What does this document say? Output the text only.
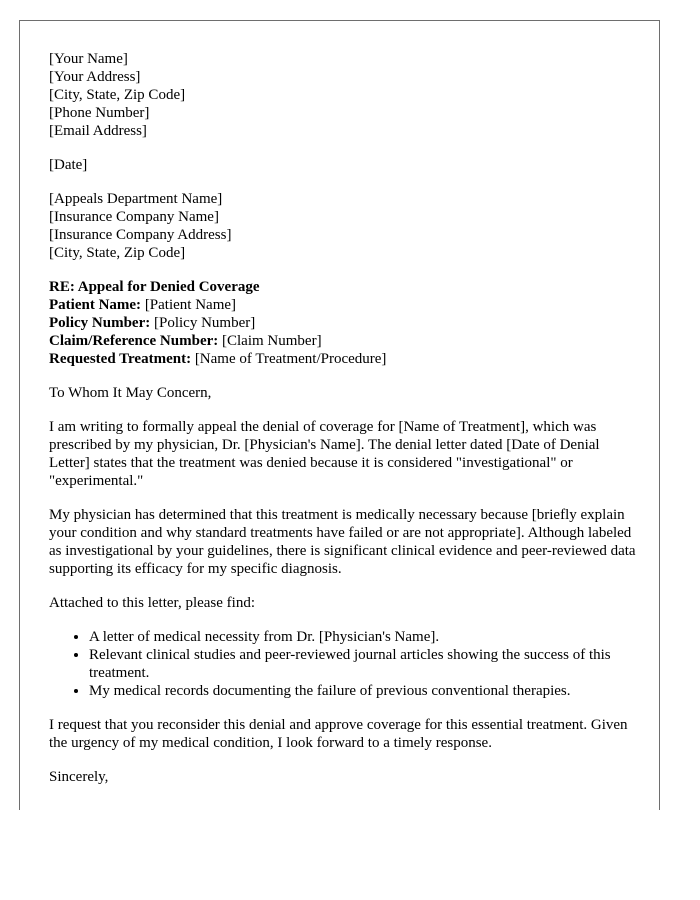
[Your Name]
[Your Address]
[City, State, Zip Code]
[Phone Number]
[Email Address]
[Date]
[Appeals Department Name]
[Insurance Company Name]
[Insurance Company Address]
[City, State, Zip Code]
RE: Appeal for Denied Coverage
Patient Name: [Patient Name]
Policy Number: [Policy Number]
Claim/Reference Number: [Claim Number]
Requested Treatment: [Name of Treatment/Procedure]

To Whom It May Concern,

I am writing to formally appeal the denial of coverage for [Name of Treatment], which was prescribed by my physician, Dr. [Physician's Name]. The denial letter dated [Date of Denial Letter] states that the treatment was denied because it is considered "investigational" or "experimental."

My physician has determined that this treatment is medically necessary because [briefly explain your condition and why standard treatments have failed or are not appropriate]. Although labeled as investigational by your guidelines, there is significant clinical evidence and peer-reviewed data supporting its efficacy for my specific diagnosis.

Attached to this letter, please find:

• A letter of medical necessity from Dr. [Physician's Name].
• Relevant clinical studies and peer-reviewed journal articles showing the success of this treatment.
• My medical records documenting the failure of previous conventional therapies.

I request that you reconsider this denial and approve coverage for this essential treatment. Given the urgency of my medical condition, I look forward to a timely response.

Sincerely,
